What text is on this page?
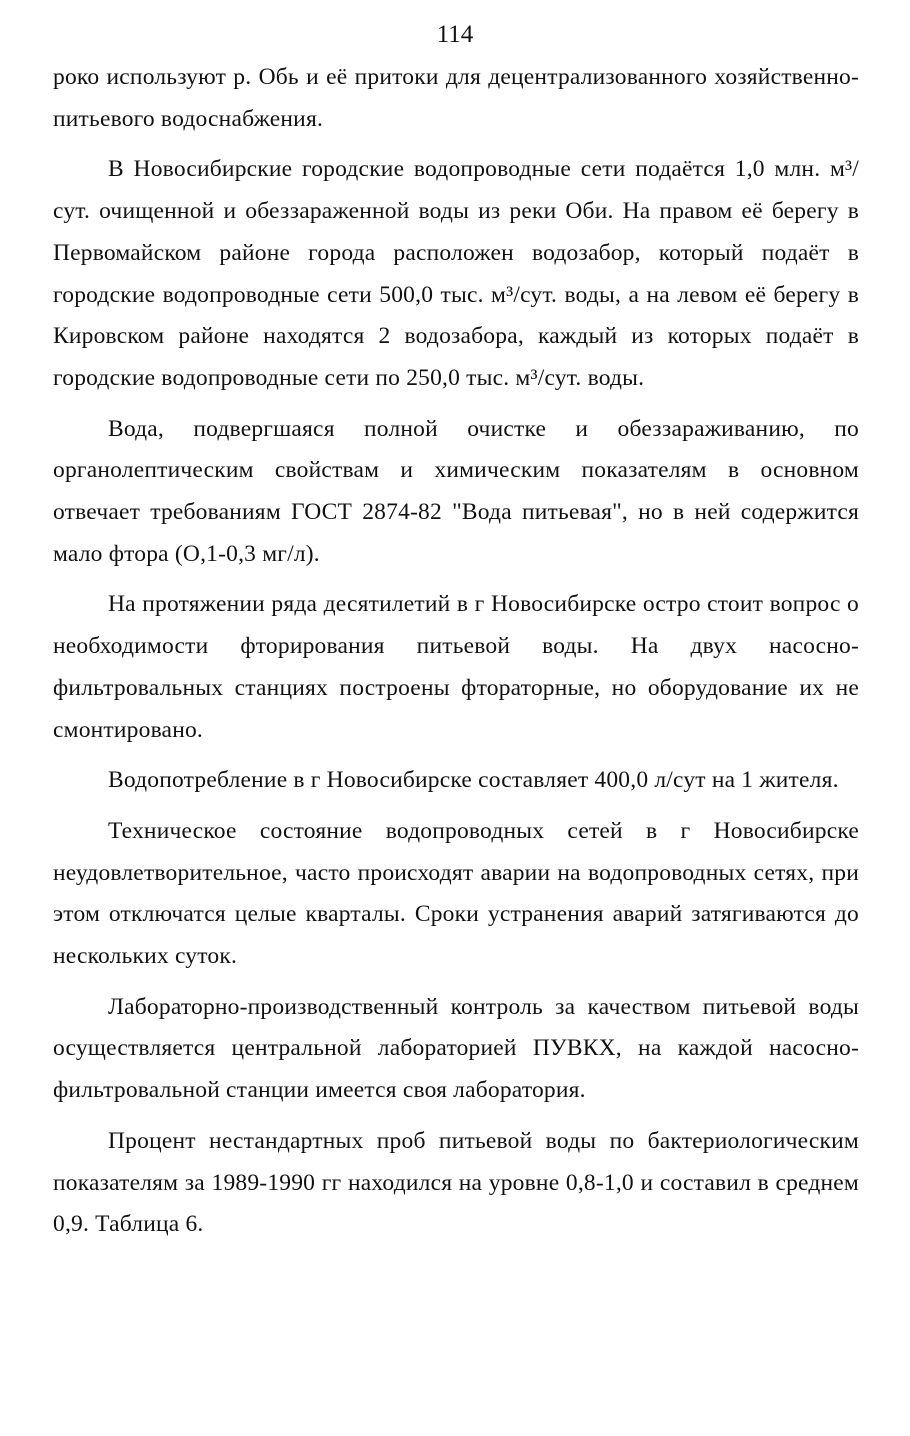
114

роко используют р. Обь и её притоки для децентрализованного хозяйственно-питьевого водоснабжения.

В Новосибирские городские водопроводные сети подаётся 1,0 млн. м³/сут. очищенной и обеззараженной воды из реки Оби. На правом её берегу в Первомайском районе города расположен водозабор, который подаёт в городские водопроводные сети 500,0 тыс. м³/сут. воды, а на левом её берегу в Кировском районе находятся 2 водозабора, каждый из которых подаёт в городские водопроводные сети по 250,0 тыс. м³/сут. воды.

Вода, подвергшаяся полной очистке и обеззараживанию, по органолептическим свойствам и химическим показателям в основном отвечает требованиям ГОСТ 2874-82 "Вода питьевая", но в ней содержится мало фтора (О,1-0,3 мг/л).

На протяжении ряда десятилетий в г Новосибирске остро стоит вопрос о необходимости фторирования питьевой воды. На двух насосно-фильтровальных станциях построены фтораторные, но оборудование их не смонтировано.

Водопотребление в г Новосибирске составляет 400,0 л/сут на 1 жителя.

Техническое состояние водопроводных сетей в г Новосибирске неудовлетворительное, часто происходят аварии на водопроводных сетях, при этом отключатся целые кварталы. Сроки устранения аварий затягиваются до нескольких суток.

Лабораторно-производственный контроль за качеством питьевой воды осуществляется центральной лабораторией ПУВКХ, на каждой насосно-фильтровальной станции имеется своя лаборатория.

Процент нестандартных проб питьевой воды по бактериологическим показателям за 1989-1990 гг находился на уровне 0,8-1,0 и составил в среднем 0,9. Таблица 6.
